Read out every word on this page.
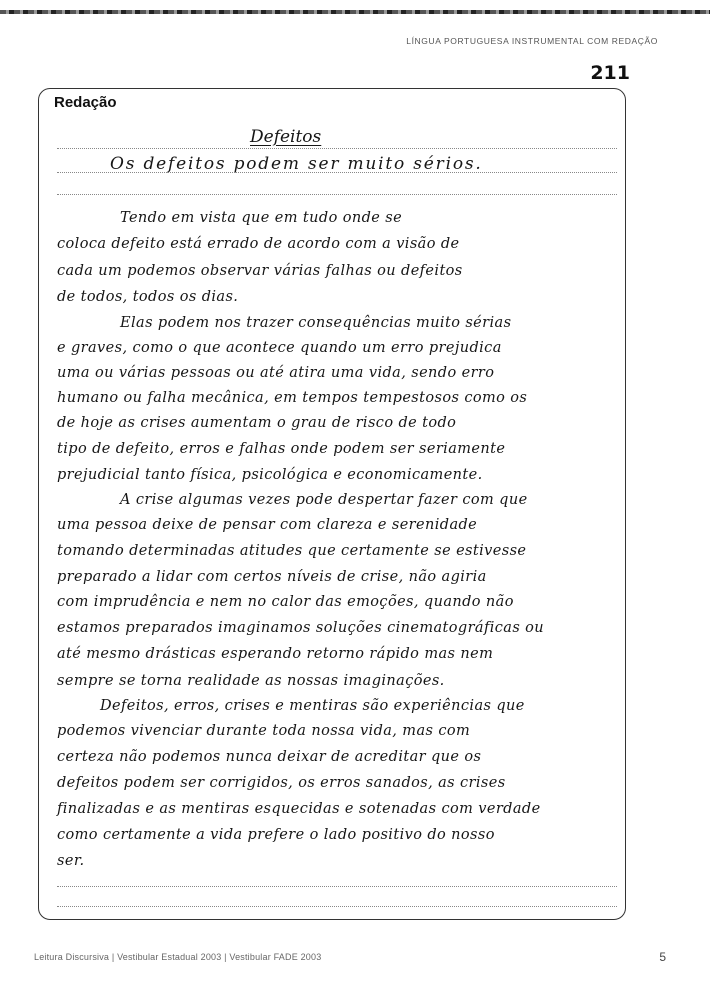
LÍNGUA PORTUGUESA INSTRUMENTAL COM REDAÇÃO
211
Redação
Defeitos
Os defeitos podem ser muito sérios.
Tendo em vista que em tudo onde se
coloca defeito está errado de acordo com a visão de
cada um podemos observar várias falhas ou defeitos
de todos, todos os dias.
Elas podem nos trazer consequências muito sérias
e graves, como o que acontece quando um erro prejudica
uma ou várias pessoas ou até atira uma vida, sendo erro
humano ou falha mecânica, em tempos tempestosos como os
de hoje as crises aumentam o grau de risco de todo
tipo de defeito, erros e falhas onde podem ser seriamente
prejudicial tanto física, psicológica e economicamente.
A crise algumas vezes pode despertar fazer com que
uma pessoa deixe de pensar com clareza e serenidade
tomando determinadas atitudes que certamente se estivesse
preparado a lidar com certos níveis de crise, não agiria
com imprudência e nem no calor das emoções, quando não
estamos preparados imaginamos soluções cinematográficas ou
até mesmo drásticas esperando retorno rápido mas nem
sempre se torna realidade as nossas imaginações.
Defeitos, erros, crises e mentiras são experiências que
podemos vivenciar durante toda nossa vida, mas com
certeza não podemos nunca deixar de acreditar que os
defeitos podem ser corrigidos, os erros sanados, as crises
finalizadas e as mentiras esquecidas e sotenadas com verdade
como certamente a vida prefere o lado positivo do nosso
ser.
Leitura Discursiva | Vestibular Estadual 2003 | Vestibular FADE 2003	5
